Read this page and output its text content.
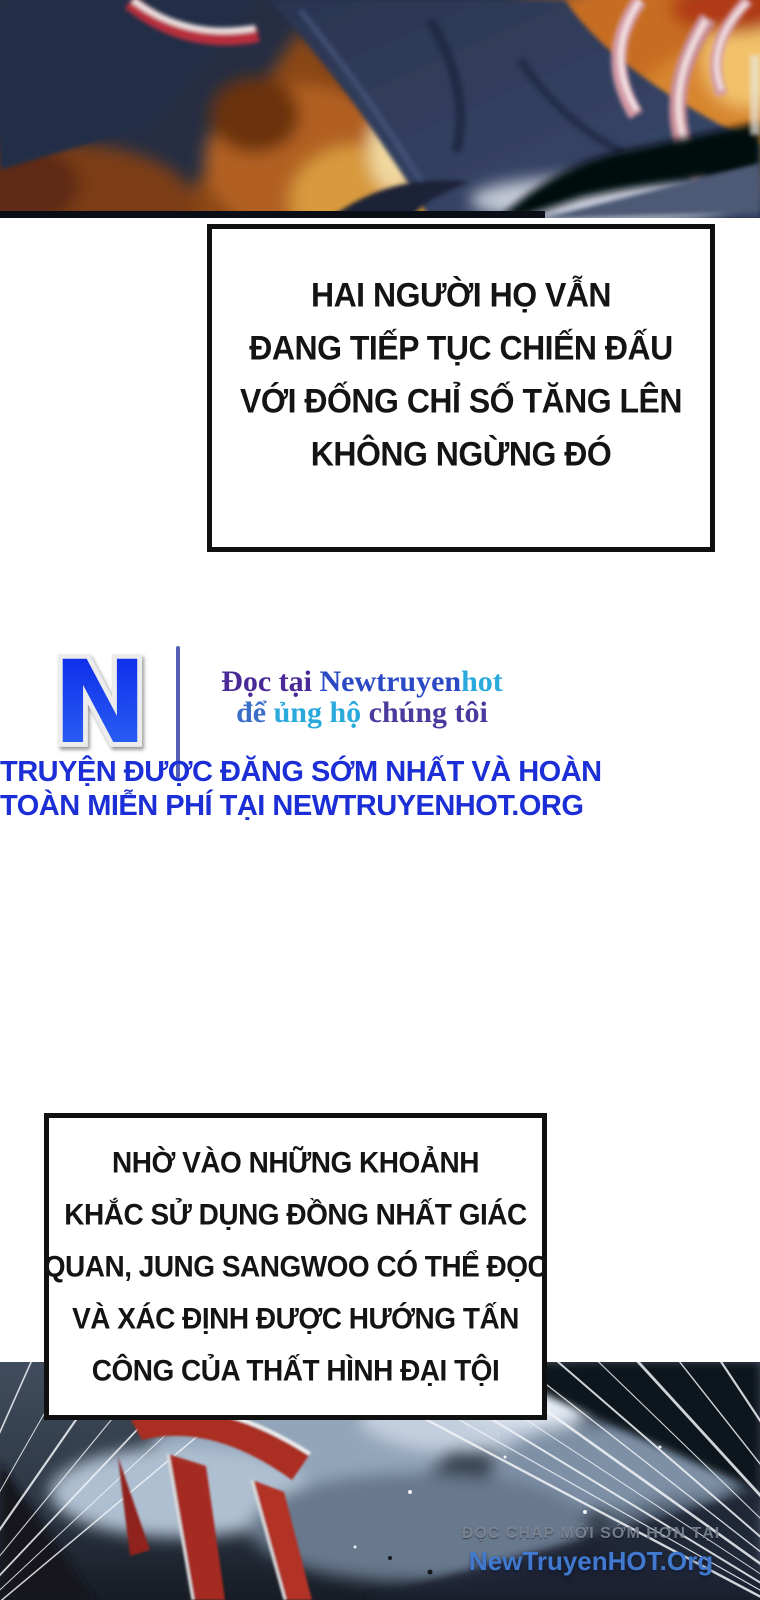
HAI NGƯỜI HỌ VẪN
ĐANG TIẾP TỤC CHIẾN ĐẤU
VỚI ĐỐNG CHỈ SỐ TĂNG LÊN
KHÔNG NGỪNG ĐÓ
N	Đọc tại Newtruyenhot
để ủng hộ chúng tôi
TRUYỆN ĐƯỢC ĐĂNG SỚM NHẤT VÀ HOÀN
TOÀN MIỄN PHÍ TẠI NEWTRUYENHOT.ORG
ĐỌC CHAP MỚI SỚM HƠN TẠI
NewTruyenHOT.Org
NHỜ VÀO NHỮNG KHOẢNH
KHẮC SỬ DỤNG ĐỒNG NHẤT GIÁC
QUAN, JUNG SANGWOO CÓ THỂ ĐỌC
VÀ XÁC ĐỊNH ĐƯỢC HƯỚNG TẤN
CÔNG CỦA THẤT HÌNH ĐẠI TỘI
